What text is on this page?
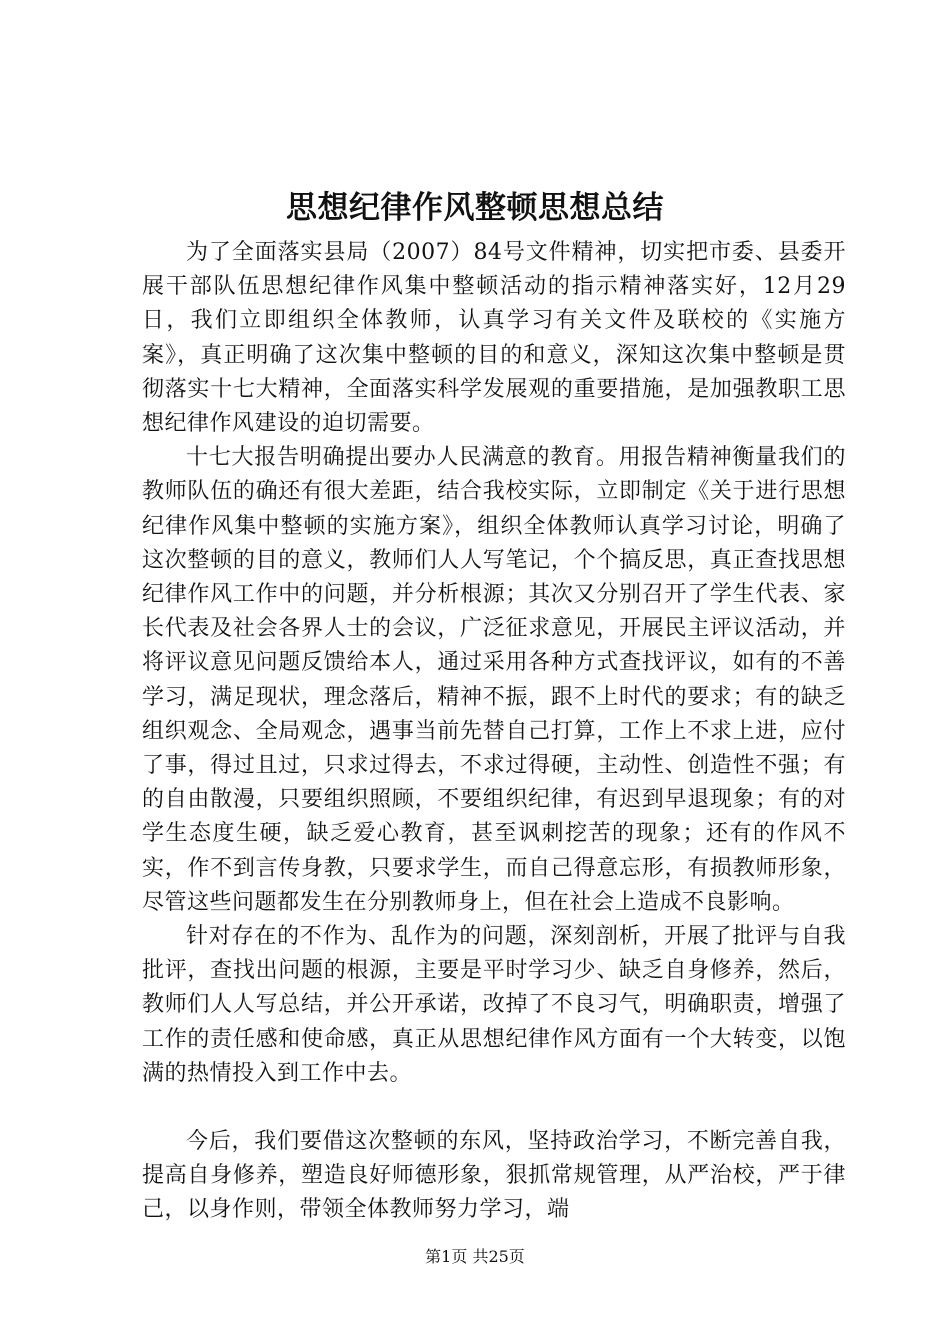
思想纪律作风整顿思想总结

为了全面落实县局（2007）84号文件精神，切实把市委、县委开展干部队伍思想纪律作风集中整顿活动的指示精神落实好，12月29日，我们立即组织全体教师，认真学习有关文件及联校的《实施方案》，真正明确了这次集中整顿的目的和意义，深知这次集中整顿是贯彻落实十七大精神，全面落实科学发展观的重要措施，是加强教职工思想纪律作风建设的迫切需要。

十七大报告明确提出要办人民满意的教育。用报告精神衡量我们的教师队伍的确还有很大差距，结合我校实际，立即制定《关于进行思想纪律作风集中整顿的实施方案》，组织全体教师认真学习讨论，明确了这次整顿的目的意义，教师们人人写笔记，个个搞反思，真正查找思想纪律作风工作中的问题，并分析根源；其次又分别召开了学生代表、家长代表及社会各界人士的会议，广泛征求意见，开展民主评议活动，并将评议意见问题反馈给本人，通过采用各种方式查找评议，如有的不善学习，满足现状，理念落后，精神不振，跟不上时代的要求；有的缺乏组织观念、全局观念，遇事当前先替自己打算，工作上不求上进，应付了事，得过且过，只求过得去，不求过得硬，主动性、创造性不强；有的自由散漫，只要组织照顾，不要组织纪律，有迟到早退现象；有的对学生态度生硬，缺乏爱心教育，甚至讽刺挖苦的现象；还有的作风不实，作不到言传身教，只要求学生，而自己得意忘形，有损教师形象，尽管这些问题都发生在分别教师身上，但在社会上造成不良影响。

针对存在的不作为、乱作为的问题，深刻剖析，开展了批评与自我批评，查找出问题的根源，主要是平时学习少、缺乏自身修养，然后，教师们人人写总结，并公开承诺，改掉了不良习气，明确职责，增强了工作的责任感和使命感，真正从思想纪律作风方面有一个大转变，以饱满的热情投入到工作中去。

今后，我们要借这次整顿的东风，坚持政治学习，不断完善自我，提高自身修养，塑造良好师德形象，狠抓常规管理，从严治校，严于律己，以身作则，带领全体教师努力学习，端

第1页 共25页
